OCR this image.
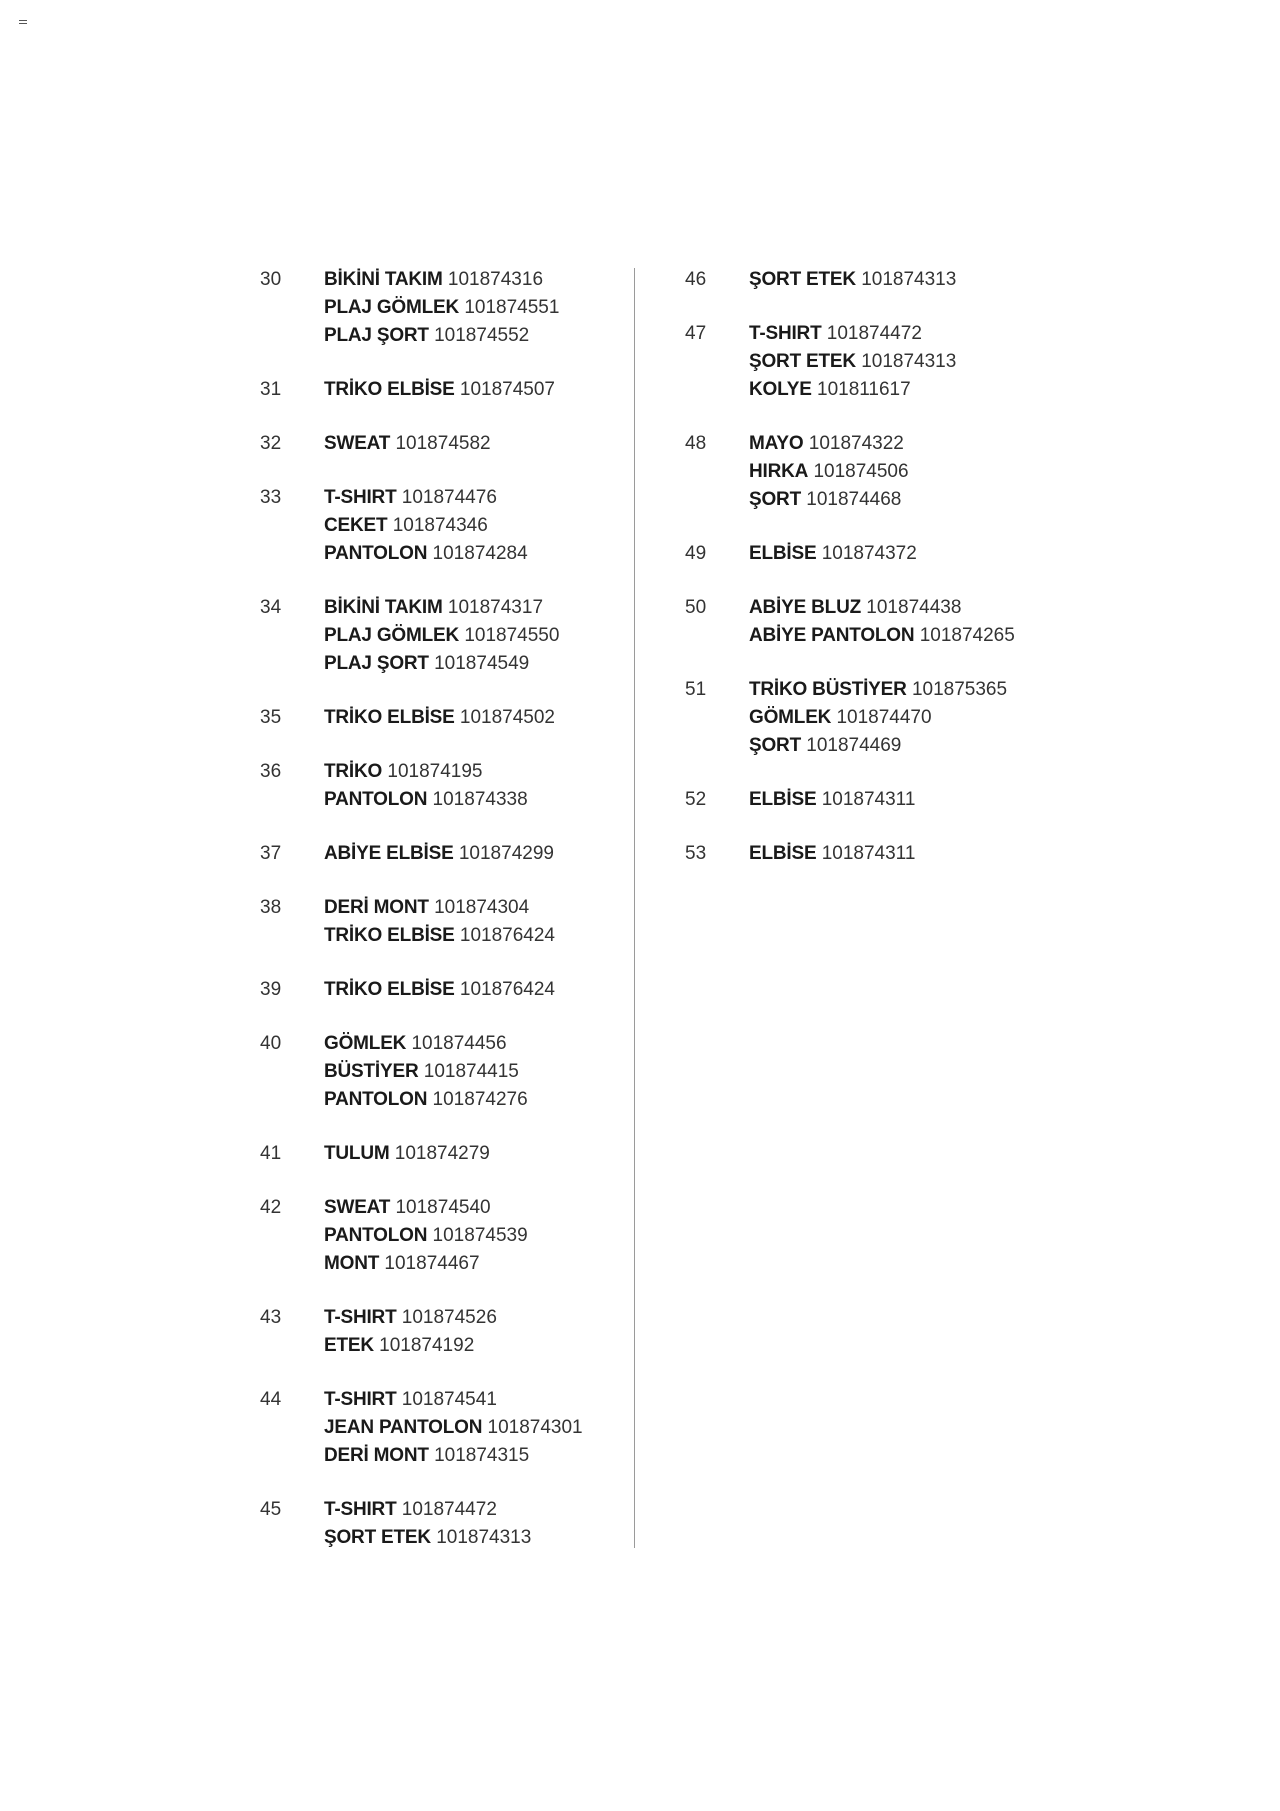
30	BİKİNİ TAKIM 101874316
PLAJ GÖMLEK 101874551
PLAJ ŞORT 101874552
31	TRİKO ELBİSE 101874507
32	SWEAT 101874582
33	T-SHIRT 101874476
CEKET 101874346
PANTOLON 101874284
34	BİKİNİ TAKIM 101874317
PLAJ GÖMLEK 101874550
PLAJ ŞORT 101874549
35	TRİKO ELBİSE 101874502
36	TRİKO 101874195
PANTOLON 101874338
37	ABİYE ELBİSE 101874299
38	DERİ MONT 101874304
TRİKO ELBİSE 101876424
39	TRİKO ELBİSE 101876424
40	GÖMLEK 101874456
BÜSTİYER 101874415
PANTOLON 101874276
41	TULUM 101874279
42	SWEAT 101874540
PANTOLON 101874539
MONT 101874467
43	T-SHIRT 101874526
ETEK 101874192
44	T-SHIRT 101874541
JEAN PANTOLON 101874301
DERİ MONT 101874315
45	T-SHIRT 101874472
ŞORT ETEK 101874313
46	ŞORT ETEK 101874313
47	T-SHIRT 101874472
ŞORT ETEK 101874313
KOLYE 101811617
48	MAYO 101874322
HIRKA 101874506
ŞORT 101874468
49	ELBİSE 101874372
50	ABİYE BLUZ 101874438
ABİYE PANTOLON 101874265
51	TRİKO BÜSTİYER 101875365
GÖMLEK 101874470
ŞORT 101874469
52	ELBİSE 101874311
53	ELBİSE 101874311
